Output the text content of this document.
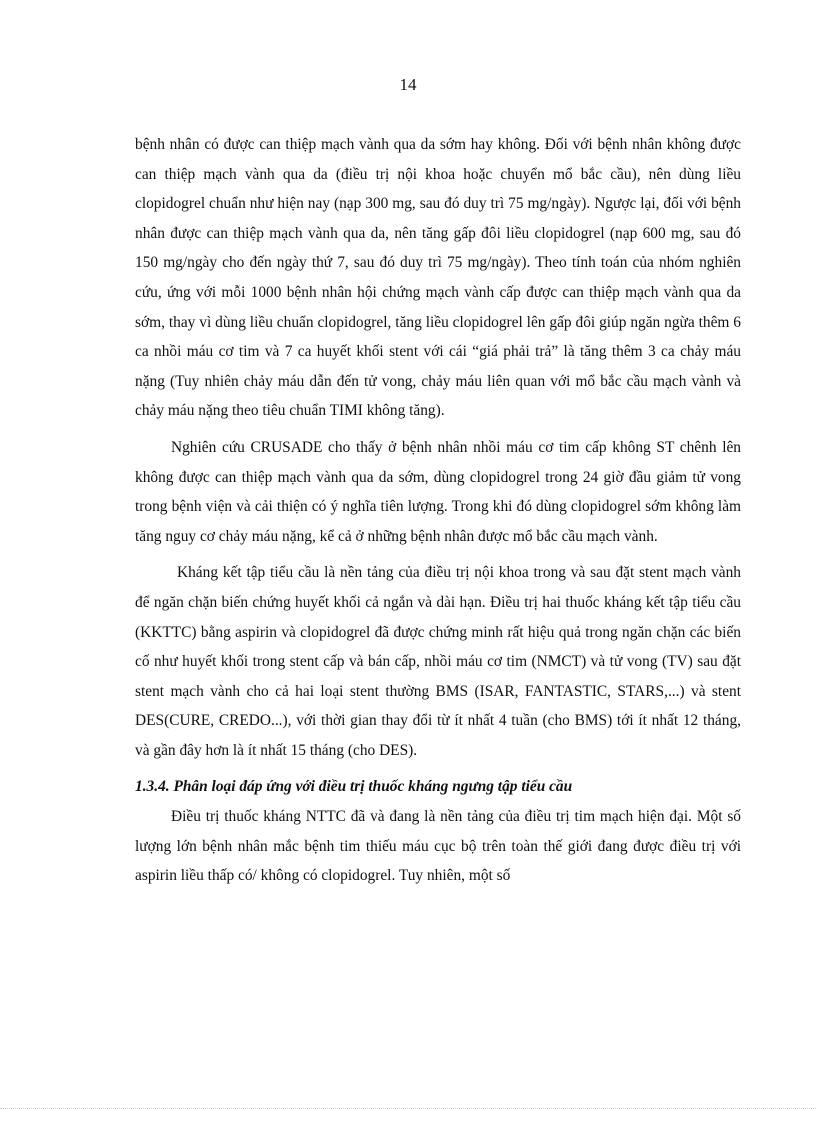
14

bệnh nhân có được can thiệp mạch vành qua da sớm hay không. Đối với bệnh nhân không được can thiệp mạch vành qua da (điều trị nội khoa hoặc chuyển mổ bắc cầu), nên dùng liều clopidogrel chuẩn như hiện nay (nạp 300 mg, sau đó duy trì 75 mg/ngày). Ngược lại, đối với bệnh nhân được can thiệp mạch vành qua da, nên tăng gấp đôi liều clopidogrel (nạp 600 mg, sau đó 150 mg/ngày cho đến ngày thứ 7, sau đó duy trì 75 mg/ngày). Theo tính toán của nhóm nghiên cứu, ứng với mỗi 1000 bệnh nhân hội chứng mạch vành cấp được can thiệp mạch vành qua da sớm, thay vì dùng liều chuẩn clopidogrel, tăng liều clopidogrel lên gấp đôi giúp ngăn ngừa thêm 6 ca nhồi máu cơ tim và 7 ca huyết khối stent với cái “giá phải trả” là tăng thêm 3 ca chảy máu nặng (Tuy nhiên chảy máu dẫn đến tử vong, chảy máu liên quan với mổ bắc cầu mạch vành và chảy máu nặng theo tiêu chuẩn TIMI không tăng).

Nghiên cứu CRUSADE cho thấy ở bệnh nhân nhồi máu cơ tim cấp không ST chênh lên không được can thiệp mạch vành qua da sớm, dùng clopidogrel trong 24 giờ đầu giảm tử vong trong bệnh viện và cải thiện có ý nghĩa tiên lượng. Trong khi đó dùng clopidogrel sớm không làm tăng nguy cơ chảy máu nặng, kể cả ở những bệnh nhân được mổ bắc cầu mạch vành.

Kháng kết tập tiểu cầu là nền tảng của điều trị nội khoa trong và sau đặt stent mạch vành để ngăn chặn biến chứng huyết khối cả ngắn và dài hạn. Điều trị hai thuốc kháng kết tập tiểu cầu (KKTTC) bằng aspirin và clopidogrel đã được chứng minh rất hiệu quả trong ngăn chặn các biến cố như huyết khối trong stent cấp và bán cấp, nhồi máu cơ tim (NMCT) và tử vong (TV) sau đặt stent mạch vành cho cả hai loại stent thường BMS (ISAR, FANTASTIC, STARS,...) và stent DES(CURE, CREDO...), với thời gian thay đổi từ ít nhất 4 tuần (cho BMS) tới ít nhất 12 tháng, và gần đây hơn là ít nhất 15 tháng (cho DES).

1.3.4. Phân loại đáp ứng với điều trị thuốc kháng ngưng tập tiểu cầu

Điều trị thuốc kháng NTTC đã và đang là nền tảng của điều trị tim mạch hiện đại. Một số lượng lớn bệnh nhân mắc bệnh tim thiếu máu cục bộ trên toàn thế giới đang được điều trị với aspirin liều thấp có/ không có clopidogrel. Tuy nhiên, một số
